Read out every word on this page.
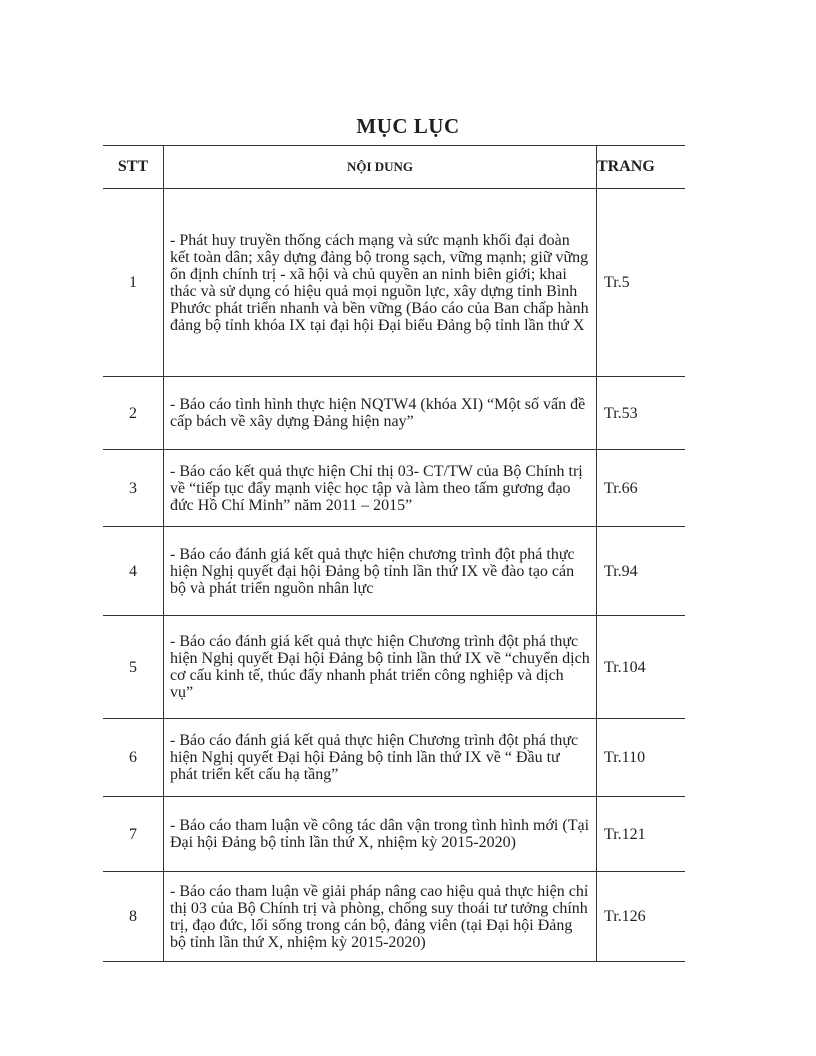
MỤC LỤC
STT	NỘI DUNG	TRANG
1	- Phát huy truyền thống cách mạng và sức mạnh khối đại đoàn kết toàn dân; xây dựng đảng bộ trong sạch, vững mạnh; giữ vững ổn định chính trị - xã hội và chủ quyền an ninh biên giới; khai thác và sử dụng có hiệu quả mọi nguồn lực, xây dựng tỉnh Bình Phước phát triển nhanh và bền vững (Báo cáo của Ban chấp hành đảng bộ tỉnh khóa IX tại đại hội Đại biểu Đảng bộ tỉnh lần thứ X	Tr.5
2	- Báo cáo tình hình thực hiện NQTW4 (khóa XI) “Một số vấn đề cấp bách về xây dựng Đảng hiện nay”	Tr.53
3	- Báo cáo kết quả thực hiện Chỉ thị 03- CT/TW của Bộ Chính trị về “tiếp tục đẩy mạnh việc học tập và làm theo tấm gương đạo đức Hồ Chí Minh” năm 2011 – 2015”	Tr.66
4	- Báo cáo đánh giá kết quả thực hiện chương trình đột phá thực hiện Nghị quyết đại hội Đảng bộ tỉnh lần thứ IX về đào tạo cán bộ và phát triển nguồn nhân lực	Tr.94
5	- Báo cáo đánh giá kết quả thực hiện Chương trình đột phá thực hiện Nghị quyết Đại hội Đảng bộ tỉnh lần thứ IX về “chuyển dịch cơ cấu kinh tế, thúc đẩy nhanh phát triển công nghiệp và dịch vụ”	Tr.104
6	- Báo cáo đánh giá kết quả thực hiện Chương trình đột phá thực hiện Nghị quyết Đại hội Đảng bộ tỉnh lần thứ IX về “ Đầu tư phát triển kết cấu hạ tầng”	Tr.110
7	- Báo cáo tham luận về công tác dân vận trong tình hình mới (Tại Đại hội Đảng bộ tỉnh lần thứ X, nhiệm kỳ 2015-2020)	Tr.121
8	- Báo cáo tham luận về giải pháp nâng cao hiệu quả thực hiện chỉ thị 03 của Bộ Chính trị và phòng, chống suy thoái tư tưởng chính trị, đạo đức, lối sống trong cán bộ, đảng viên (tại Đại hội Đảng bộ tỉnh lần thứ X, nhiệm kỳ 2015-2020)	Tr.126
